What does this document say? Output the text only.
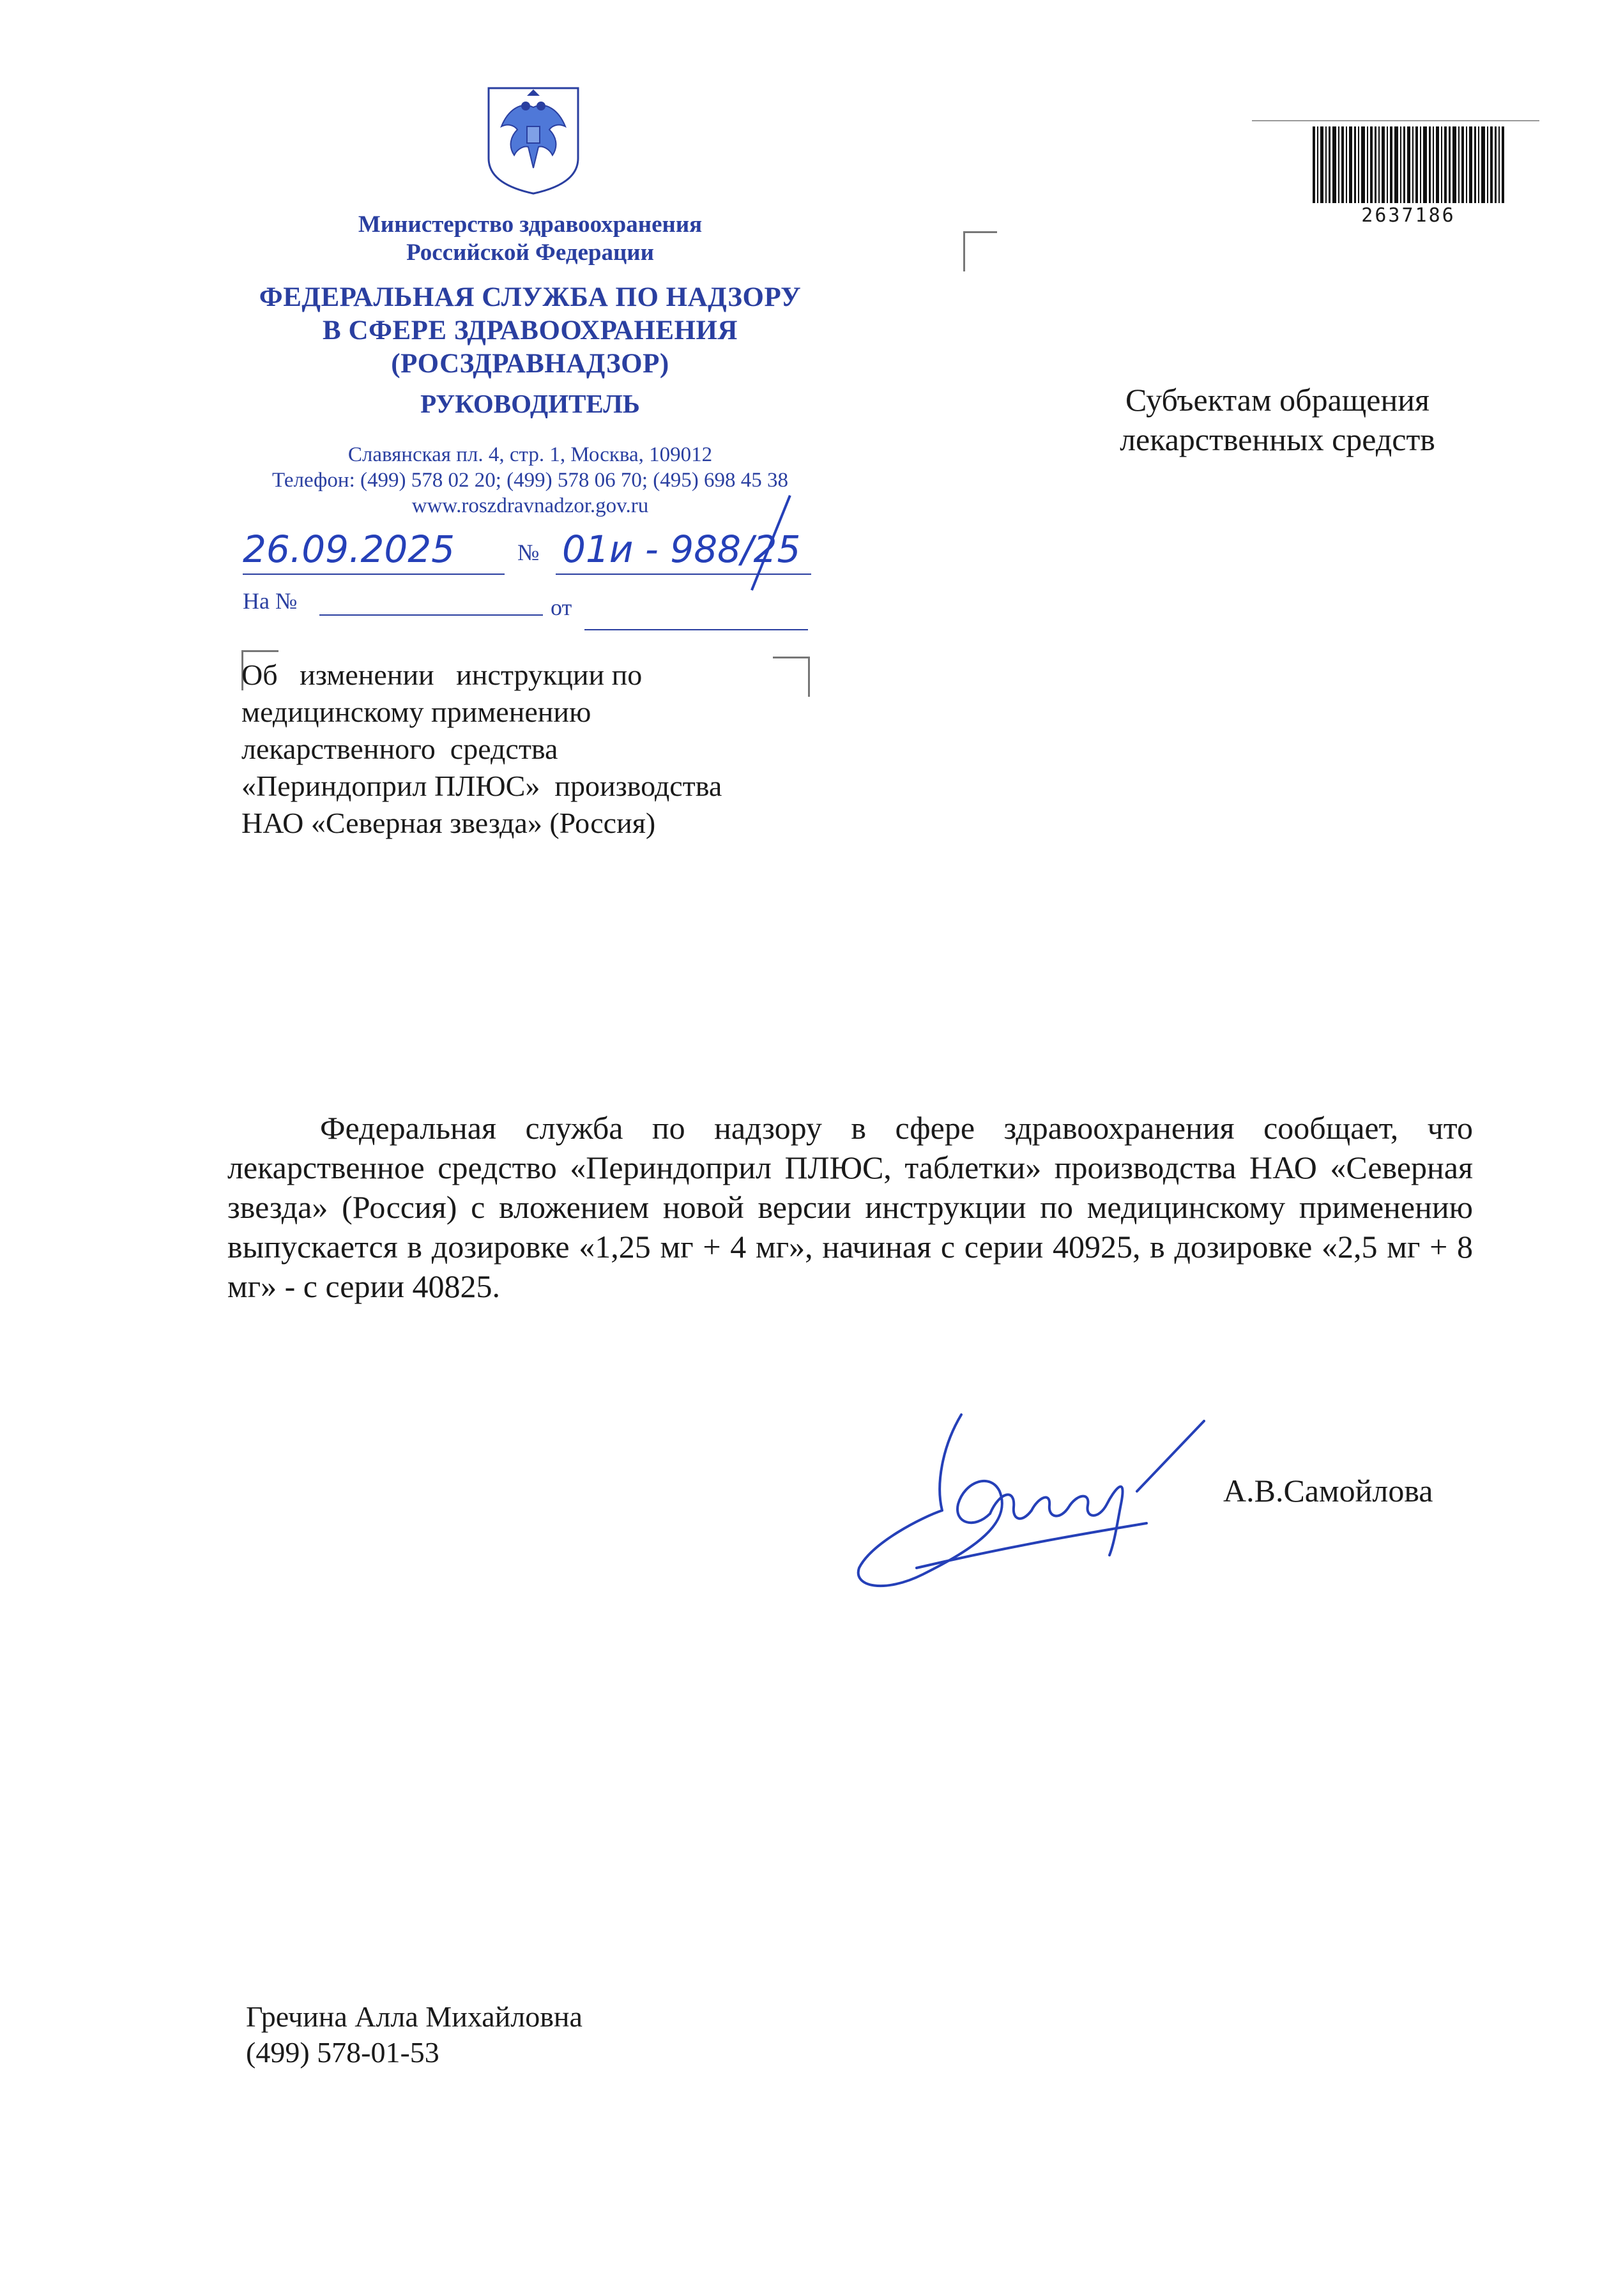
Министерство здравоохранения
Российской Федерации
ФЕДЕРАЛЬНАЯ СЛУЖБА ПО НАДЗОРУ
В СФЕРЕ ЗДРАВООХРАНЕНИЯ
(РОСЗДРАВНАДЗОР)
РУКОВОДИТЕЛЬ
Славянская пл. 4, стр. 1, Москва, 109012
Телефон: (499) 578 02 20; (499) 578 06 70; (495) 698 45 38
www.roszdravnadzor.gov.ru
26.09.2025	№ 01и - 988/25
На №	от
Об   изменении   инструкции по
медицинскому применению
лекарственного  средства
«Периндоприл ПЛЮС»  производства
НАО «Северная звезда» (Россия)
2637186
Субъектам обращения
лекарственных средств
Федеральная служба по надзору в сфере здравоохранения сообщает, что лекарственное средство «Периндоприл ПЛЮС, таблетки» производства НАО «Северная звезда» (Россия) с вложением новой версии инструкции по медицинскому применению выпускается в дозировке «1,25 мг + 4 мг», начиная с серии 40925, в дозировке «2,5 мг + 8 мг» - с серии 40825.
А.В.Самойлова
Гречина Алла Михайловна
(499) 578-01-53
